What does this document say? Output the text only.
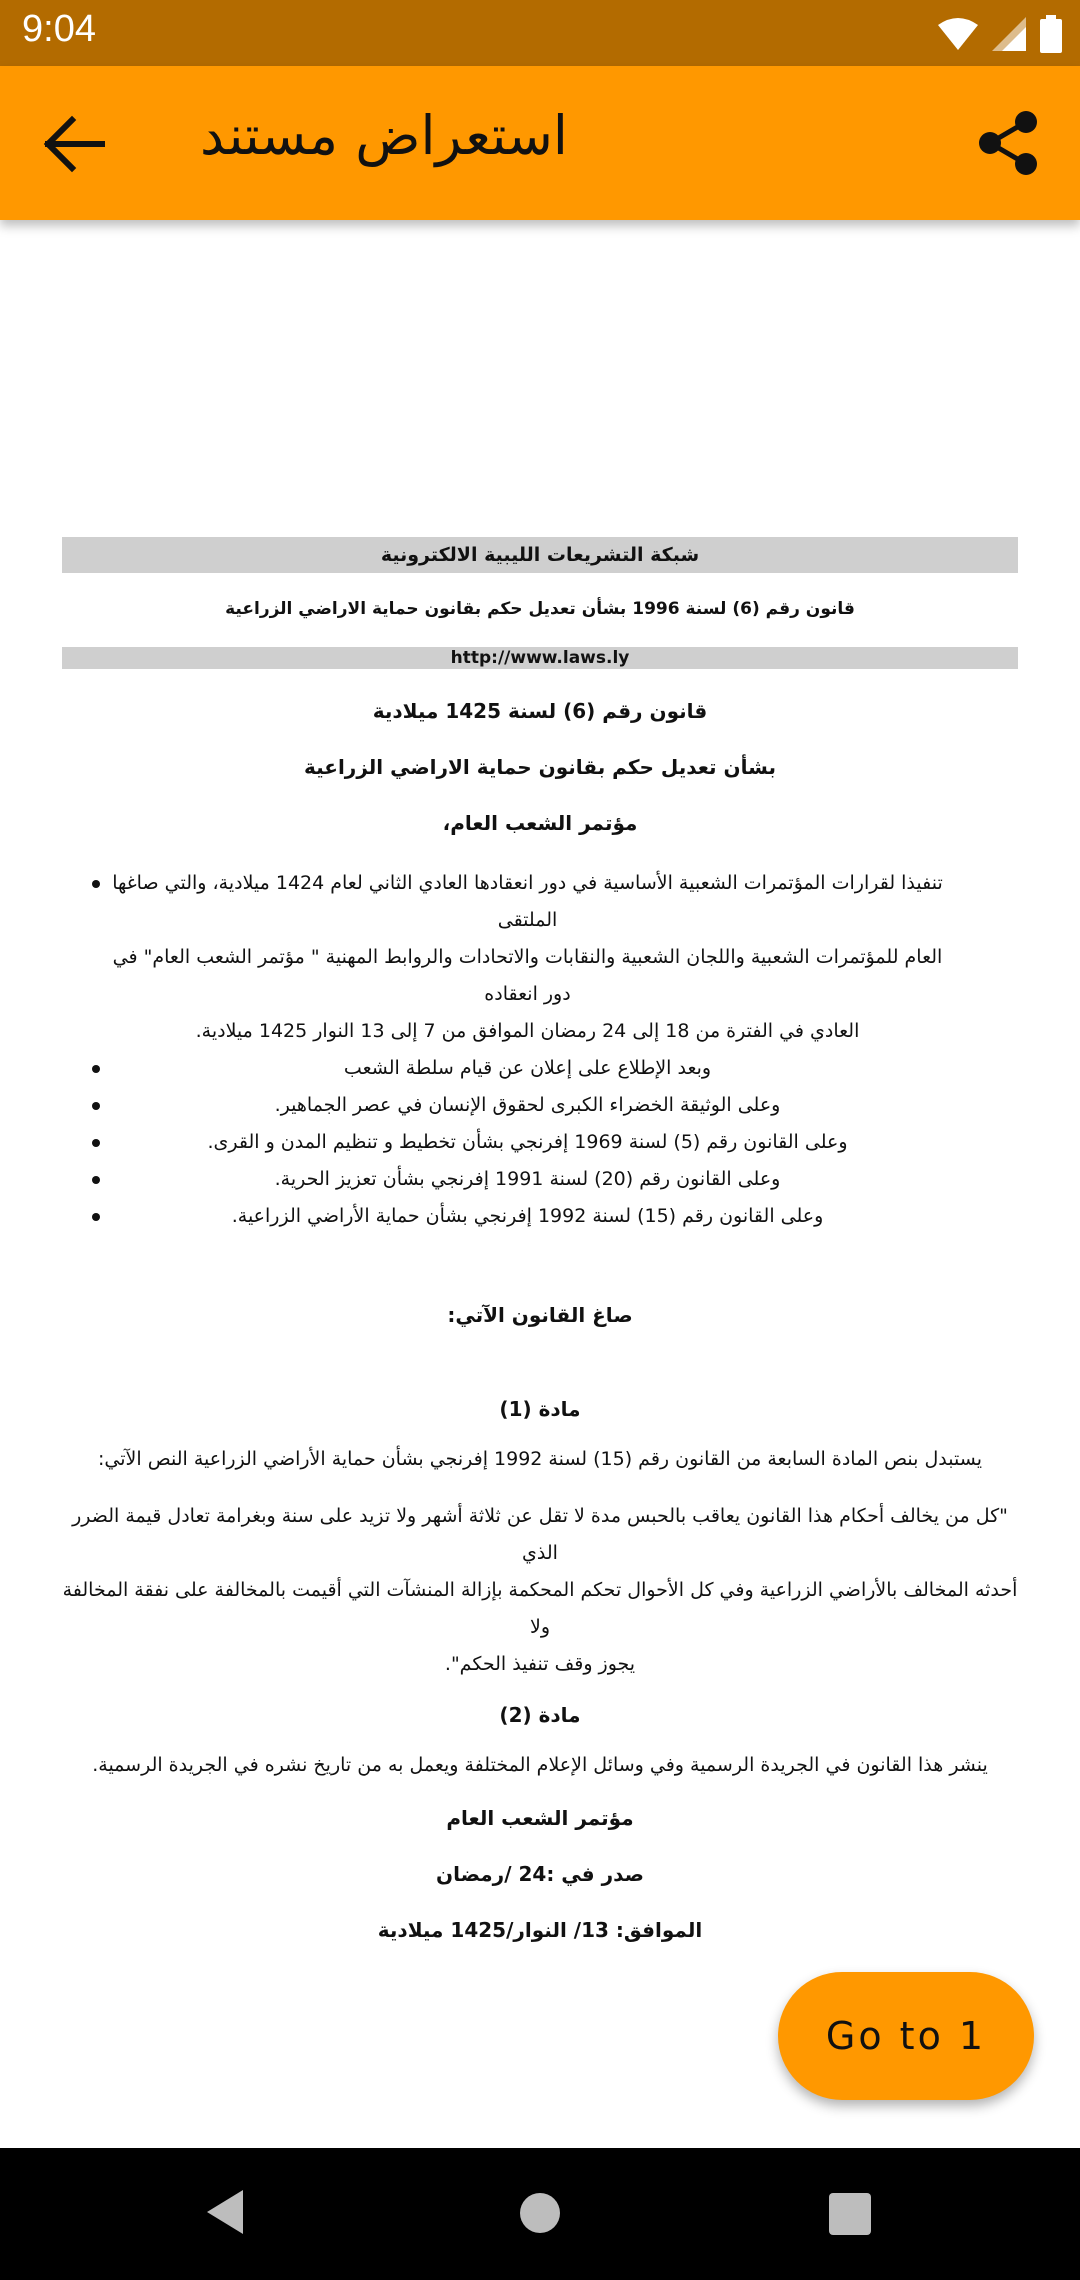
9:04
استعراض مستند
شبكة التشريعات الليبية الالكترونية
قانون رقم (6) لسنة 1996 بشأن تعديل حكم بقانون حماية الاراضي الزراعية
http://www.laws.ly
قانون رقم (6) لسنة 1425 ميلادية
بشأن تعديل حكم بقانون حماية الاراضي الزراعية
مؤتمر الشعب العام،
تنفيذا لقرارات المؤتمرات الشعبية الأساسية في دور انعقادها العادي الثاني لعام 1424 ميلادية، والتي صاغها الملتقى
العام للمؤتمرات الشعبية واللجان الشعبية والنقابات والاتحادات والروابط المهنية " مؤتمر الشعب العام" في دور انعقاده
العادي في الفترة من 18 إلى 24 رمضان الموافق من 7 إلى 13 النوار 1425 ميلادية.
وبعد الإطلاع على إعلان عن قيام سلطة الشعب
وعلى الوثيقة الخضراء الكبرى لحقوق الإنسان في عصر الجماهير.
وعلى القانون رقم (5) لسنة 1969 إفرنجي بشأن تخطيط و تنظيم المدن و القرى.
وعلى القانون رقم (20) لسنة 1991 إفرنجي بشأن تعزيز الحرية.
وعلى القانون رقم (15) لسنة 1992 إفرنجي بشأن حماية الأراضي الزراعية.
صاغ القانون الآتي:
مادة (1)
يستبدل بنص المادة السابعة من القانون رقم (15) لسنة 1992 إفرنجي بشأن حماية الأراضي الزراعية النص الآتي:
"كل من يخالف أحكام هذا القانون يعاقب بالحبس مدة لا تقل عن ثلاثة أشهر ولا تزيد على سنة وبغرامة تعادل قيمة الضرر الذي
أحدثه المخالف بالأراضي الزراعية وفي كل الأحوال تحكم المحكمة بإزالة المنشآت التي أقيمت بالمخالفة على نفقة المخالفة ولا
يجوز وقف تنفيذ الحكم".
مادة (2)
ينشر هذا القانون في الجريدة الرسمية وفي وسائل الإعلام المختلفة ويعمل به من تاريخ نشره في الجريدة الرسمية.
مؤتمر الشعب العام
صدر في :24 /رمضان
الموافق: 13/ النوار/1425 ميلادية
Go to 1
